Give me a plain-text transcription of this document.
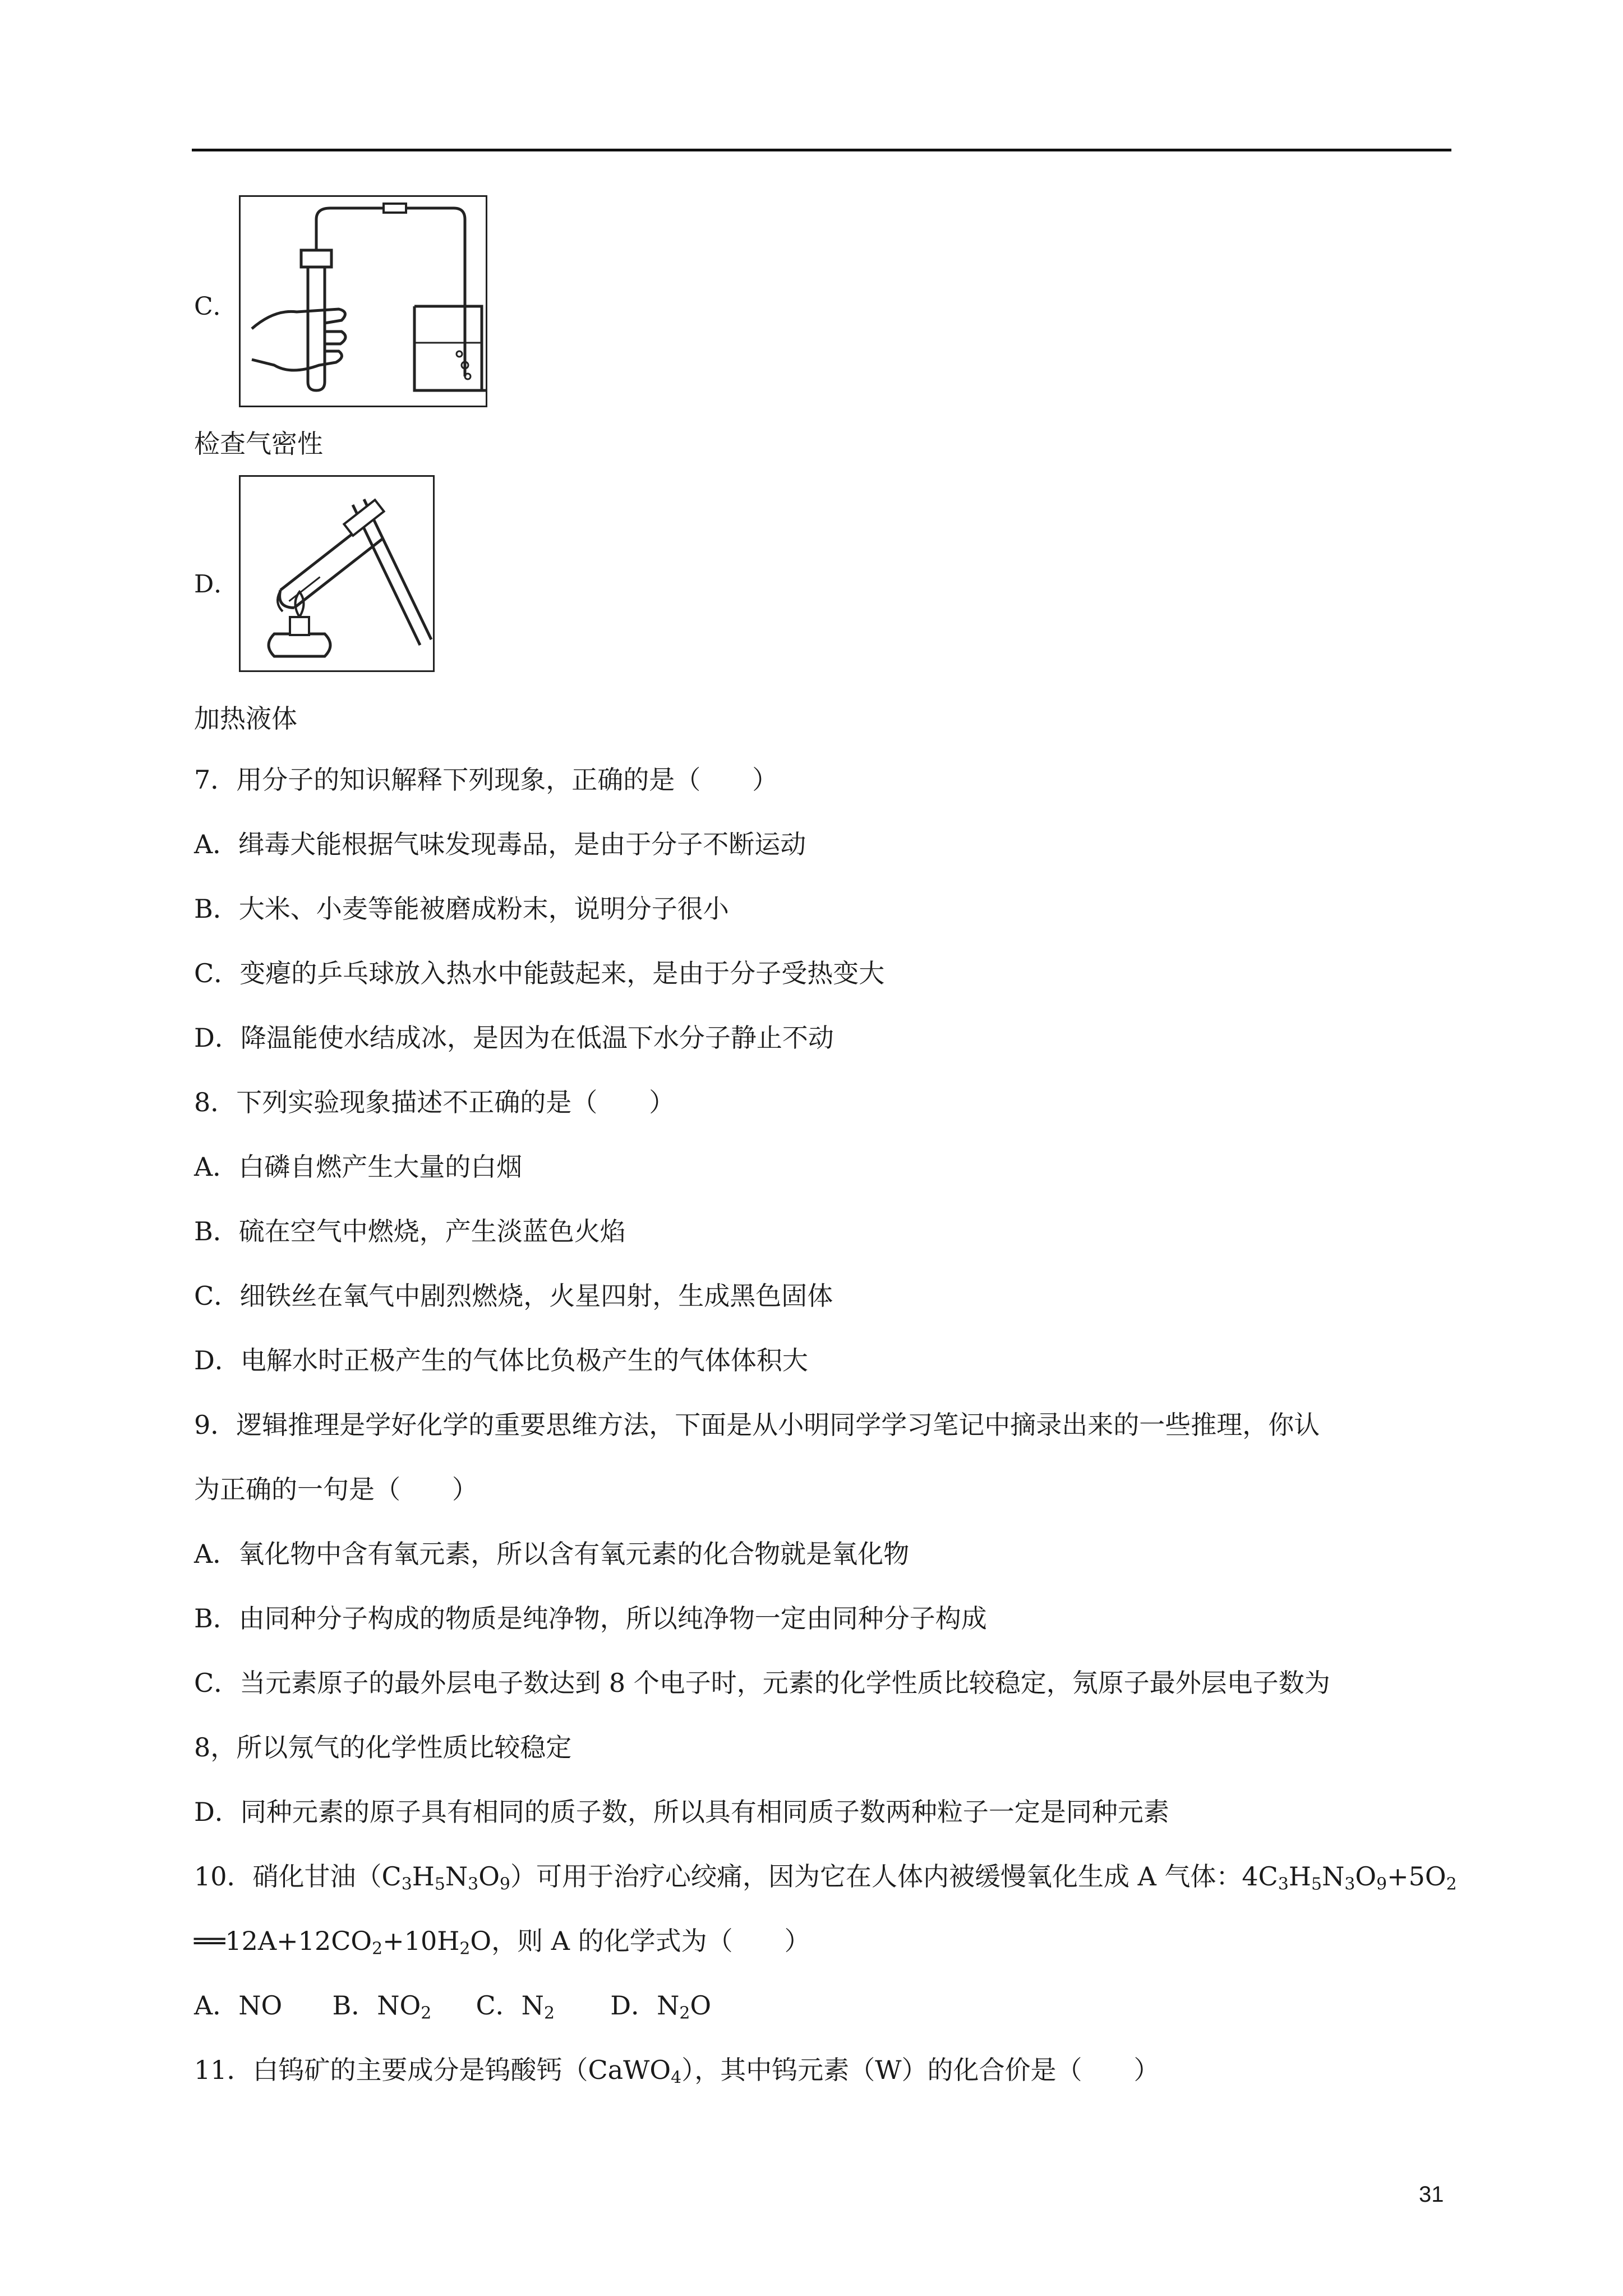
C．
检查气密性
D．
加热液体
7．用分子的知识解释下列现象，正确的是（　　）
A．缉毒犬能根据气味发现毒品，是由于分子不断运动
B．大米、小麦等能被磨成粉末，说明分子很小
C．变瘪的乒乓球放入热水中能鼓起来，是由于分子受热变大
D．降温能使水结成冰，是因为在低温下水分子静止不动
8．下列实验现象描述不正确的是（　　）
A．白磷自燃产生大量的白烟
B．硫在空气中燃烧，产生淡蓝色火焰
C．细铁丝在氧气中剧烈燃烧，火星四射，生成黑色固体
D．电解水时正极产生的气体比负极产生的气体体积大
9．逻辑推理是学好化学的重要思维方法，下面是从小明同学学习笔记中摘录出来的一些推理，你认
为正确的一句是（　　）
A．氧化物中含有氧元素，所以含有氧元素的化合物就是氧化物
B．由同种分子构成的物质是纯净物，所以纯净物一定由同种分子构成
C．当元素原子的最外层电子数达到 8 个电子时，元素的化学性质比较稳定，氖原子最外层电子数为
8，所以氖气的化学性质比较稳定
D．同种元素的原子具有相同的质子数，所以具有相同质子数两种粒子一定是同种元素
10．硝化甘油$(C_3H_5N_3O_9)$可用于治疗心绞痛，因为它在人体内被缓慢氧化生成 A 气体：$4C_3H_5N_3O_9+5O_2$
$══12A+12CO_2+10H_2O$，则 A 的化学式为（　　）
A．NO B．$NO_2$ C．$N_2$ D．$N_2O$
11．白钨矿的主要成分是钨酸钙（CaWO$_4$），其中钨元素（W）的化合价是（　　）
31
